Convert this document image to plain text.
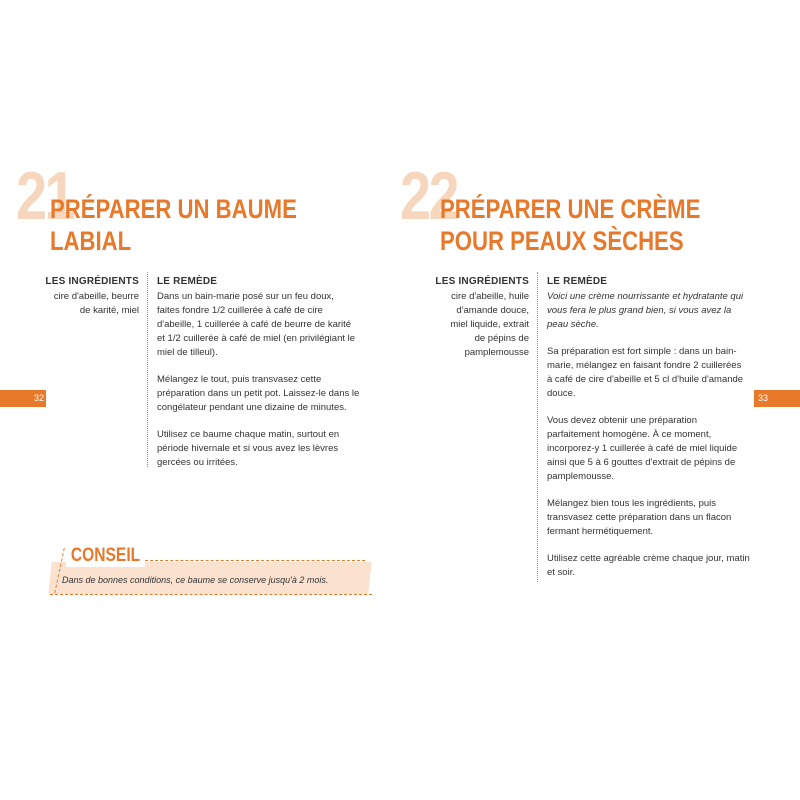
21
PRÉPARER UN BAUME
LABIAL
LES INGRÉDIENTS
cire d'abeille, beurre
de karité, miel
LE REMÈDE

Dans un bain-marie posé sur un feu doux,
faites fondre 1/2 cuillerée à café de cire
d'abeille, 1 cuillerée à café de beurre de karité
et 1/2 cuillerée à café de miel (en privilégiant le
miel de tilleul).

Mélangez le tout, puis transvasez cette
préparation dans un petit pot. Laissez-le dans le
congélateur pendant une dizaine de minutes.

Utilisez ce baume chaque matin, surtout en
période hivernale et si vous avez les lèvres
gercées ou irritées.

CONSEIL
Dans de bonnes conditions, ce baume se conserve jusqu'à 2 mois.
32
22
PRÉPARER UNE CRÈME
POUR PEAUX SÈCHES
LES INGRÉDIENTS
cire d'abeille, huile
d'amande douce,
miel liquide, extrait
de pépins de
pamplemousse
LE REMÈDE

Voici une crème nourrissante et hydratante qui
vous fera le plus grand bien, si vous avez la
peau sèche.

Sa préparation est fort simple : dans un bain-
marie, mélangez en faisant fondre 2 cuillerées
à café de cire d'abeille et 5 cl d'huile d'amande
douce.

Vous devez obtenir une préparation
parfaitement homogène. À ce moment,
incorporez-y 1 cuillerée à café de miel liquide
ainsi que 5 à 6 gouttes d'extrait de pépins de
pamplemousse.

Mélangez bien tous les ingrédients, puis
transvasez cette préparation dans un flacon
fermant hermétiquement.

Utilisez cette agréable crème chaque jour, matin
et soir.

33
